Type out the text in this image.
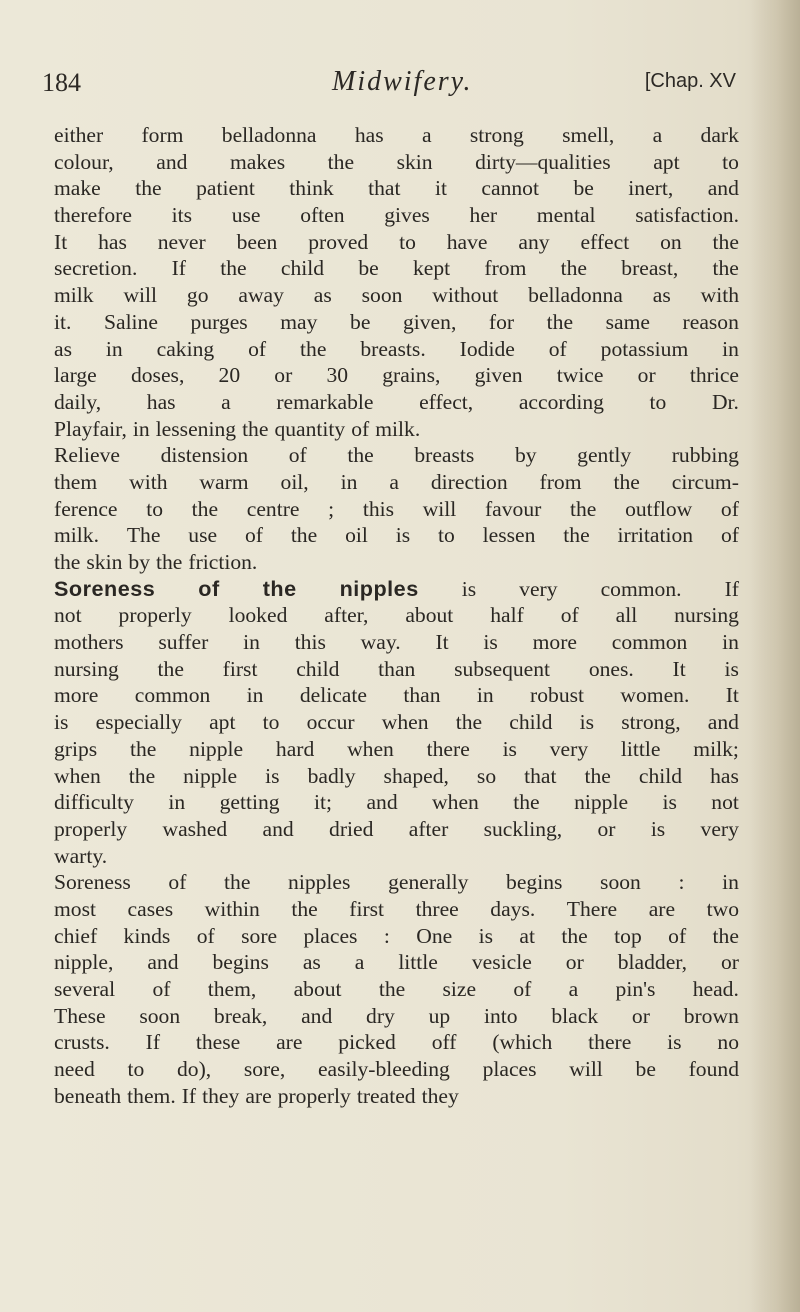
184	Midwifery.	[Chap. XV
either form belladonna has a strong smell, a dark
colour, and makes the skin dirty—qualities apt to
make the patient think that it cannot be inert, and
therefore its use often gives her mental satisfaction.
It has never been proved to have any effect on the
secretion. If the child be kept from the breast, the
milk will go away as soon without belladonna as with
it. Saline purges may be given, for the same reason
as in caking of the breasts. Iodide of potassium in
large doses, 20 or 30 grains, given twice or thrice
daily, has a remarkable effect, according to Dr.
Playfair, in lessening the quantity of milk.
Relieve distension of the breasts by gently rubbing
them with warm oil, in a direction from the circum-
ference to the centre ; this will favour the outflow of
milk. The use of the oil is to lessen the irritation of
the skin by the friction.
Soreness of the nipples is very common. If
not properly looked after, about half of all nursing
mothers suffer in this way. It is more common in
nursing the first child than subsequent ones. It is
more common in delicate than in robust women. It
is especially apt to occur when the child is strong, and
grips the nipple hard when there is very little milk;
when the nipple is badly shaped, so that the child has
difficulty in getting it; and when the nipple is not
properly washed and dried after suckling, or is very
warty.
Soreness of the nipples generally begins soon : in
most cases within the first three days. There are two
chief kinds of sore places : One is at the top of the
nipple, and begins as a little vesicle or bladder, or
several of them, about the size of a pin's head.
These soon break, and dry up into black or brown
crusts. If these are picked off (which there is no
need to do), sore, easily-bleeding places will be found
beneath them. If they are properly treated they
